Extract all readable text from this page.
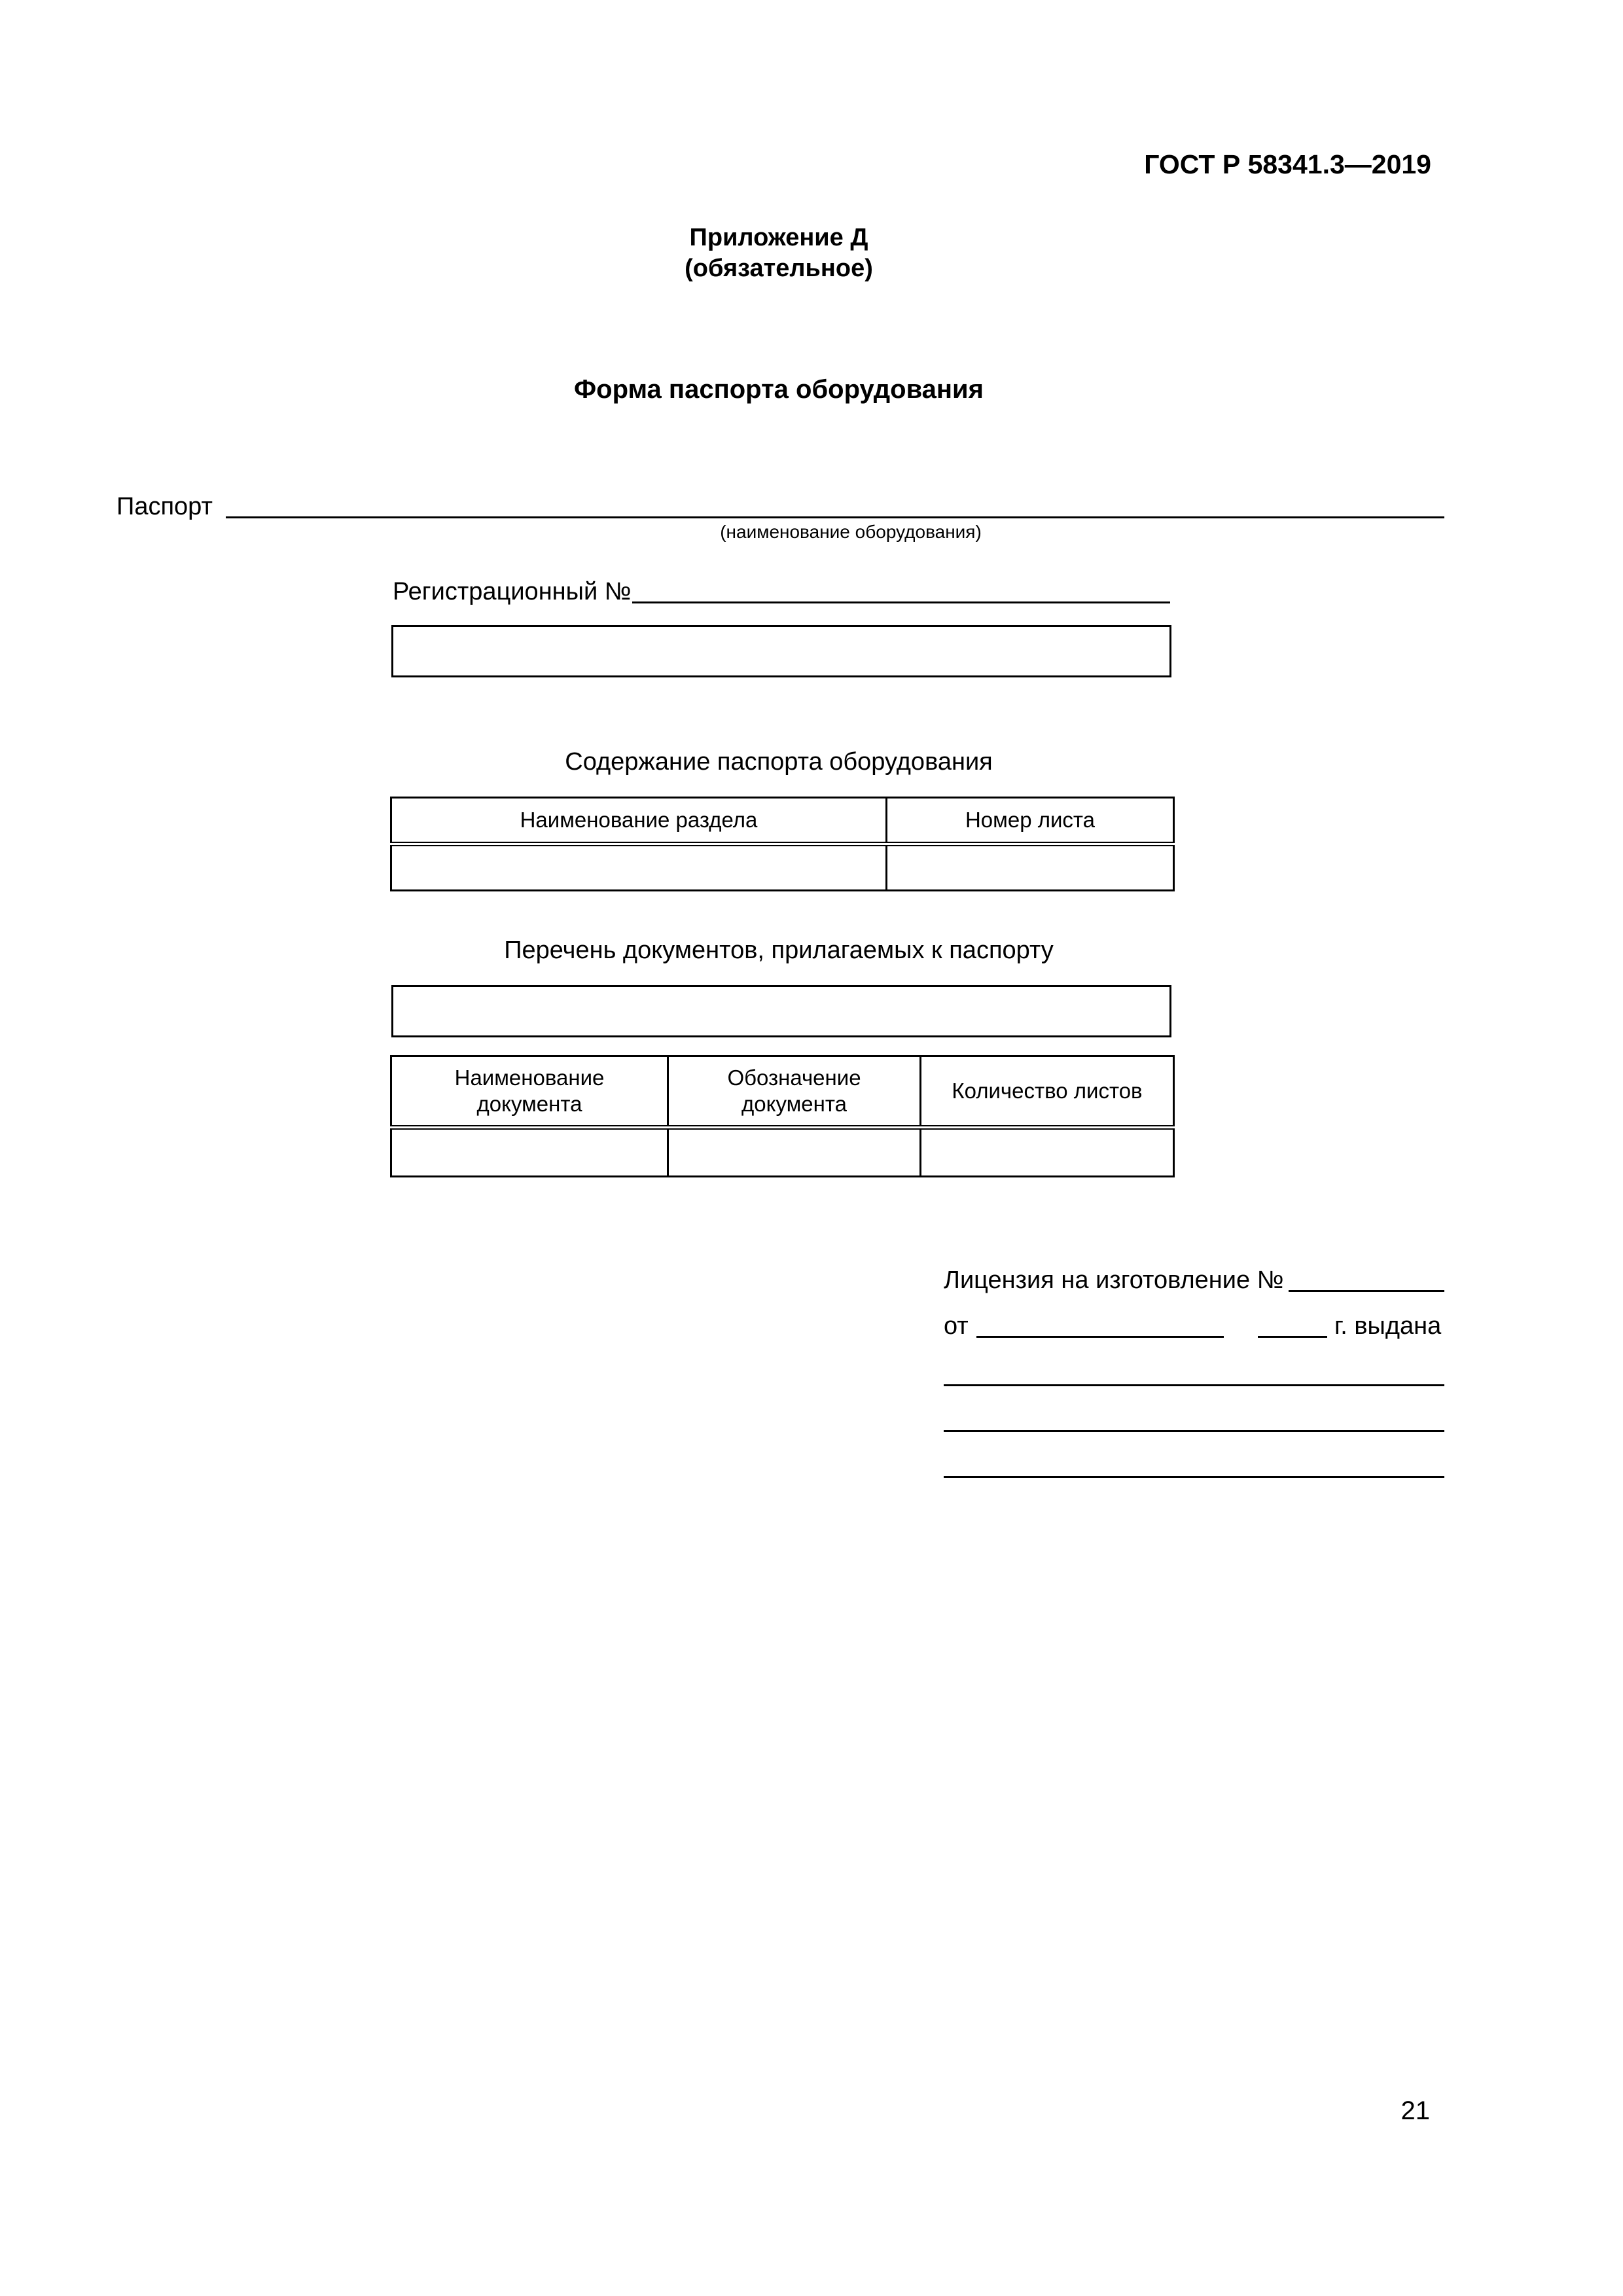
ГОСТ Р 58341.3—2019
Приложение Д
(обязательное)
Форма паспорта оборудования
Паспорт
(наименование оборудования)
Регистрационный №
Содержание паспорта оборудования
Наименование раздела	Номер листа

Перечень документов, прилагаемых к паспорту
Наименование документа	Обозначение документа	Количество листов

Лицензия на изготовление №
от	г. выдана
21
